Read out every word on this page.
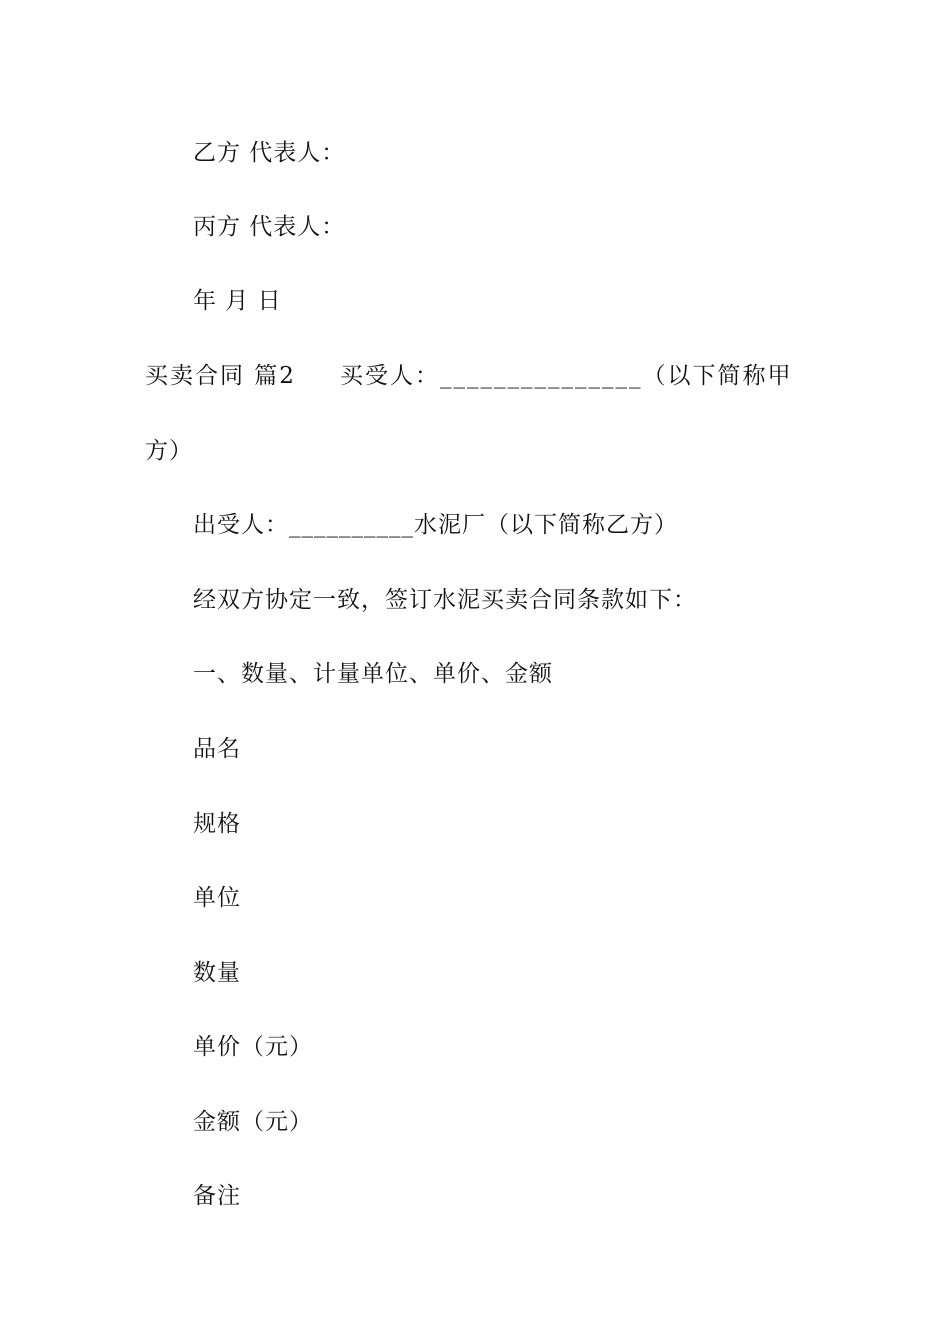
乙方 代表人：
丙方 代表人：
年 月 日
买卖合同 篇2 买受人：_______________（以下简称甲
方）
出受人：__________水泥厂（以下简称乙方）
经双方协定一致，签订水泥买卖合同条款如下：
一、数量、计量单位、单价、金额
品名
规格
单位
数量
单价（元）
金额（元）
备注
